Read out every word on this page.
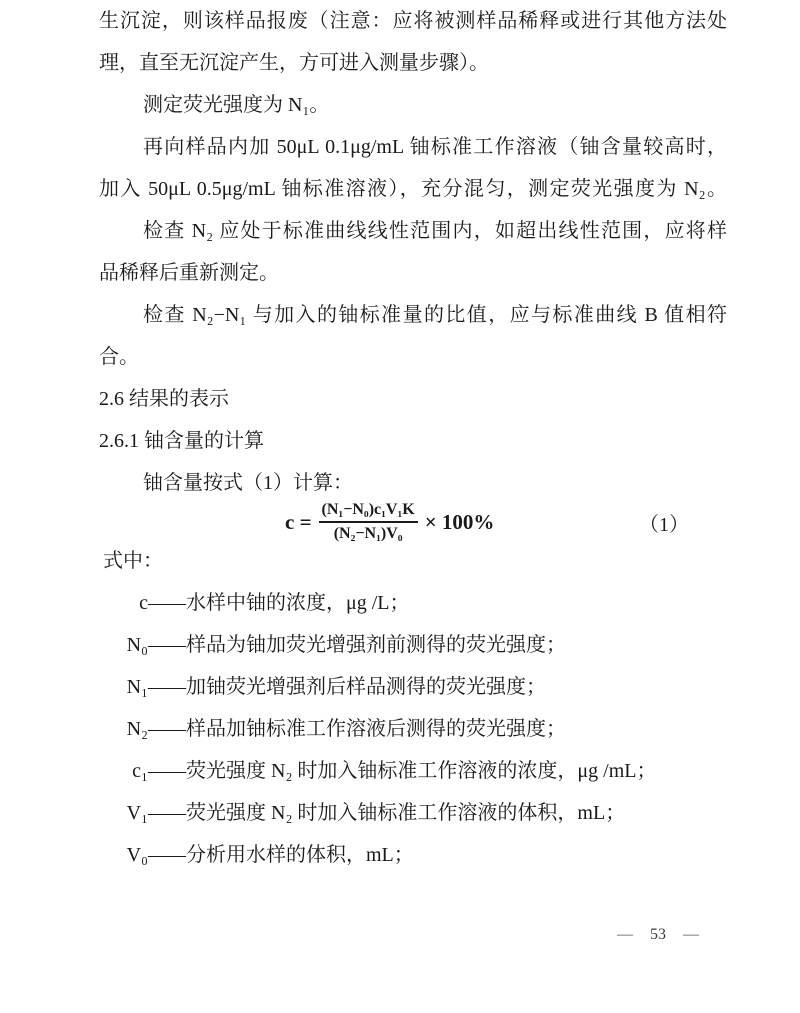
生沉淀，则该样品报废（注意：应将被测样品稀释或进行其他方法处
理，直至无沉淀产生，方可进入测量步骤）。
测定荧光强度为 N₁。
再向样品内加 50μL 0.1μg/mL 铀标准工作溶液（铀含量较高时，
加入 50μL 0.5μg/mL 铀标准溶液），充分混匀，测定荧光强度为 N₂。
检查 N₂ 应处于标准曲线线性范围内，如超出线性范围，应将样
品稀释后重新测定。
检查 N₂−N₁ 与加入的铀标准量的比值，应与标准曲线 B 值相符
合。
2.6 结果的表示
2.6.1 铀含量的计算
铀含量按式（1）计算：
$c = \frac{\text{(N₁−N₀)c₁V₁K}}{\text{(N₂−N₁)V₀}} \times 100\%$	（1）
式中：
c—— 水样中铀的浓度，μg /L；
N₀—— 样品为铀加荧光增强剂前测得的荧光强度；
N₁—— 加铀荧光增强剂后样品测得的荧光强度；
N₂—— 样品加铀标准工作溶液后测得的荧光强度；
c₁—— 荧光强度 N₂ 时加入铀标准工作溶液的浓度，μg /mL；
V₁—— 荧光强度 N₂ 时加入铀标准工作溶液的体积，mL；
V₀—— 分析用水样的体积，mL；
— 53 —
